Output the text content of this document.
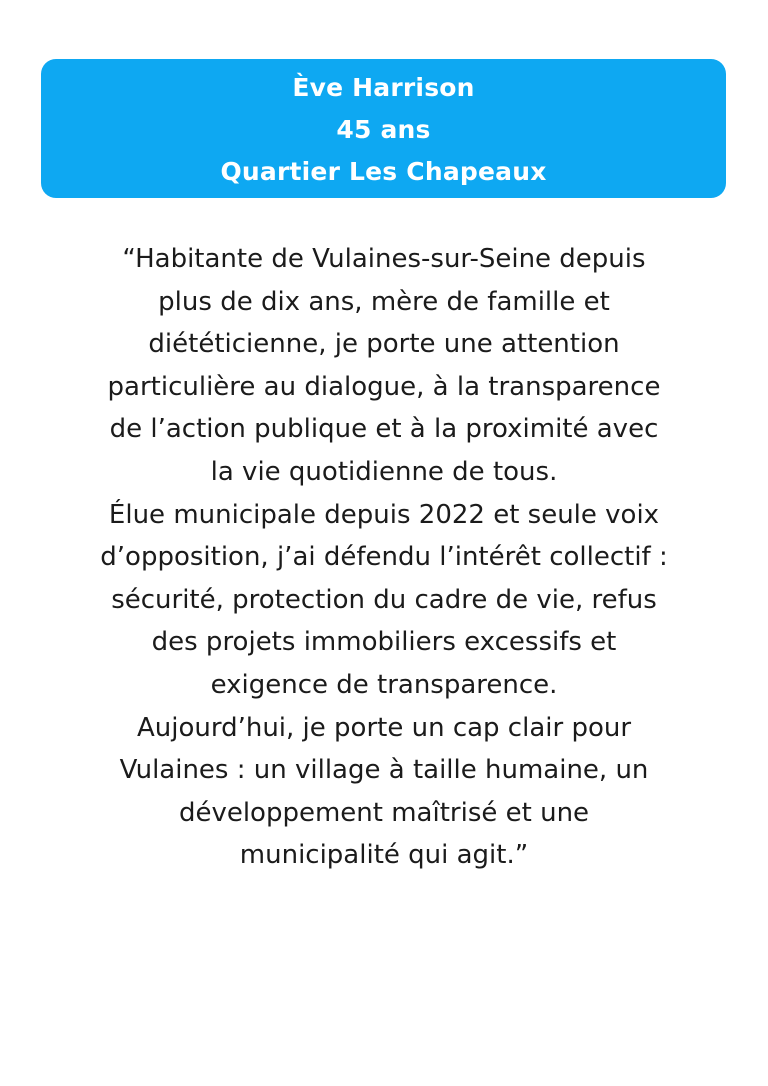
Ève Harrison
45 ans
Quartier Les Chapeaux
“Habitante de Vulaines-sur-Seine depuis
plus de dix ans, mère de famille et
diététicienne, je porte une attention
particulière au dialogue, à la transparence
de l’action publique et à la proximité avec
la vie quotidienne de tous.
Élue municipale depuis 2022 et seule voix
d’opposition, j’ai défendu l’intérêt collectif :
sécurité, protection du cadre de vie, refus
des projets immobiliers excessifs et
exigence de transparence.
Aujourd’hui, je porte un cap clair pour
Vulaines : un village à taille humaine, un
développement maîtrisé et une
municipalité qui agit.”
